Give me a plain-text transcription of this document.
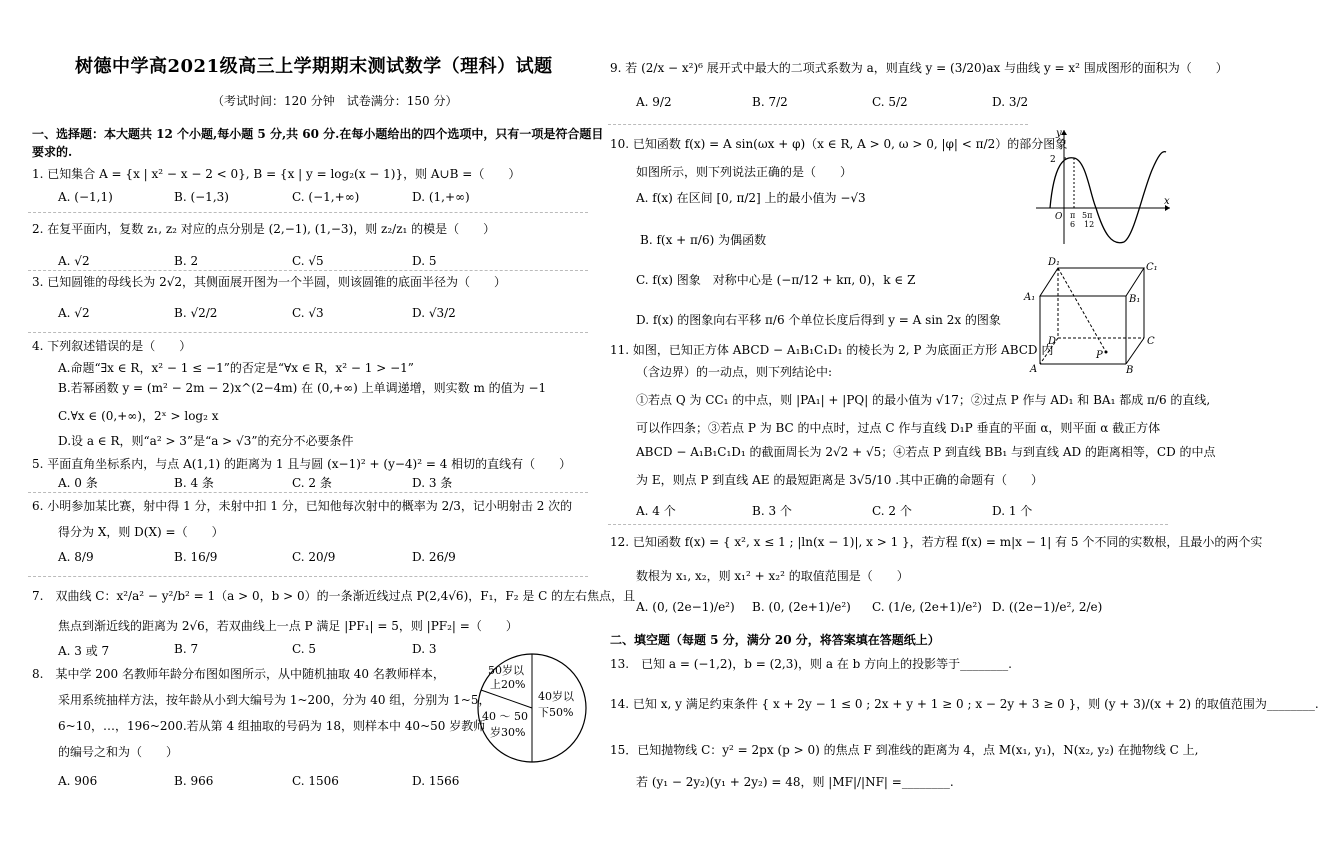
树德中学高2021级高三上学期期末测试数学（理科）试题
（考试时间：120 分钟　试卷满分：150 分）
一、选择题：本大题共 12 个小题,每小题 5 分,共 60 分.在每小题给出的四个选项中，只有一项是符合题目
要求的.
1. 已知集合 A = {x | x² − x − 2 < 0}, B = {x | y = log₂(x − 1)}，则 A∪B =（　　）
A. (−1,1)	B. (−1,3)	C. (−1,+∞)	D. (1,+∞)
2. 在复平面内，复数 z₁, z₂ 对应的点分别是 (2,−1), (1,−3)，则 z₂/z₁ 的模是（　　）
A. √2	B. 2	C. √5	D. 5
3. 已知圆锥的母线长为 2√2，其侧面展开图为一个半圆，则该圆锥的底面半径为（　　）
A. √2	B. √2/2	C. √3	D. √3/2
4. 下列叙述错误的是（　　）
A.命题“∃x ∈ R，x² − 1 ≤ −1”的否定是“∀x ∈ R，x² − 1 > −1”
B.若幂函数 y = (m² − 2m − 2)x^(2−4m) 在 (0,+∞) 上单调递增，则实数 m 的值为 −1
C.∀x ∈ (0,+∞)，2ˣ > log₂ x
D.设 a ∈ R，则“a² > 3”是“a > √3”的充分不必要条件
5. 平面直角坐标系内，与点 A(1,1) 的距离为 1 且与圆 (x−1)² + (y−4)² = 4 相切的直线有（　　）
A. 0 条	B. 4 条	C. 2 条	D. 3 条
6. 小明参加某比赛，射中得 1 分，未射中扣 1 分，已知他每次射中的概率为 2/3，记小明射击 2 次的
得分为 X，则 D(X) =（　　）
A. 8/9	B. 16/9	C. 20/9	D. 26/9
7.　双曲线 C：x²/a² − y²/b² = 1（a > 0，b > 0）的一条渐近线过点 P(2,4√6)，F₁，F₂ 是 C 的左右焦点，且
焦点到渐近线的距离为 2√6，若双曲线上一点 P 满足 |PF₁| = 5，则 |PF₂| =（　　）
A. 3 或 7	B. 7	C. 5	D. 3
8.　某中学 200 名教师年龄分布图如图所示，从中随机抽取 40 名教师样本，
采用系统抽样方法，按年龄从小到大编号为 1~200，分为 40 组，分别为 1~5，
6~10，…，196~200.若从第 4 组抽取的号码为 18，则样本中 40~50 岁教师
的编号之和为（　　）
A. 906	B. 966	C. 1506	D. 1566
50岁以
上20%
40岁以
下50%
40 ～ 50
岁30%
9. 若 (2/x − x²)⁶ 展开式中最大的二项式系数为 a，则直线 y = (3/20)ax 与曲线 y = x² 围成图形的面积为（　　）
A. 9/2	B. 7/2	C. 5/2	D. 3/2
10. 已知函数 f(x) = A sin(ωx + φ)（x ∈ R, A > 0, ω > 0, |φ| < π/2）的部分图象
如图所示，则下列说法正确的是（　　）
A. f(x) 在区间 [0, π/2] 上的最小值为 −√3
B. f(x + π/6) 为偶函数
C. f(x) 图象　对称中心是 (−π/12 + kπ, 0)，k ∈ Z
D. f(x) 的图象向右平移 π/6 个单位长度后得到 y = A sin 2x 的图象
y
x
2
O π
6
5π
12
11. 如图，已知正方体 ABCD − A₁B₁C₁D₁ 的棱长为 2, P 为底面正方形 ABCD 内
（含边界）的一动点，则下列结论中:
①若点 Q 为 CC₁ 的中点，则 |PA₁| + |PQ| 的最小值为 √17；②过点 P 作与 AD₁ 和 BA₁ 都成 π/6 的直线,
可以作四条；③若点 P 为 BC 的中点时，过点 C 作与直线 D₁P 垂直的平面 α，则平面 α 截正方体
ABCD − A₁B₁C₁D₁ 的截面周长为 2√2 + √5；④若点 P 到直线 BB₁ 与到直线 AD 的距离相等，CD 的中点
为 E，则点 P 到直线 AE 的最短距离是 3√5/10 .其中正确的命题有（　　）
A. 4 个	B. 3 个	C. 2 个	D. 1 个
D₁	C₁
A₁	B₁
D	C
A	B
P
12. 已知函数 f(x) = { x², x ≤ 1 ; |ln(x − 1)|, x > 1 }，若方程 f(x) = m|x − 1| 有 5 个不同的实数根，且最小的两个实
数根为 x₁, x₂，则 x₁² + x₂² 的取值范围是（　　）
A. (0, (2e−1)/e²) B. (0, (2e+1)/e²) C. (1/e, (2e+1)/e²) D. ((2e−1)/e², 2/e)
二、填空题（每题 5 分，满分 20 分，将答案填在答题纸上）
13.　已知 a = (−1,2)，b = (2,3)，则 a 在 b 方向上的投影等于________.
14. 已知 x, y 满足约束条件 { x + 2y − 1 ≤ 0 ; 2x + y + 1 ≥ 0 ; x − 2y + 3 ≥ 0 }，则 (y + 3)/(x + 2) 的取值范围为________.
15．已知抛物线 C：y² = 2px (p > 0) 的焦点 F 到准线的距离为 4，点 M(x₁, y₁)，N(x₂, y₂) 在抛物线 C 上,
若 (y₁ − 2y₂)(y₁ + 2y₂) = 48，则 |MF|/|NF| =________.
